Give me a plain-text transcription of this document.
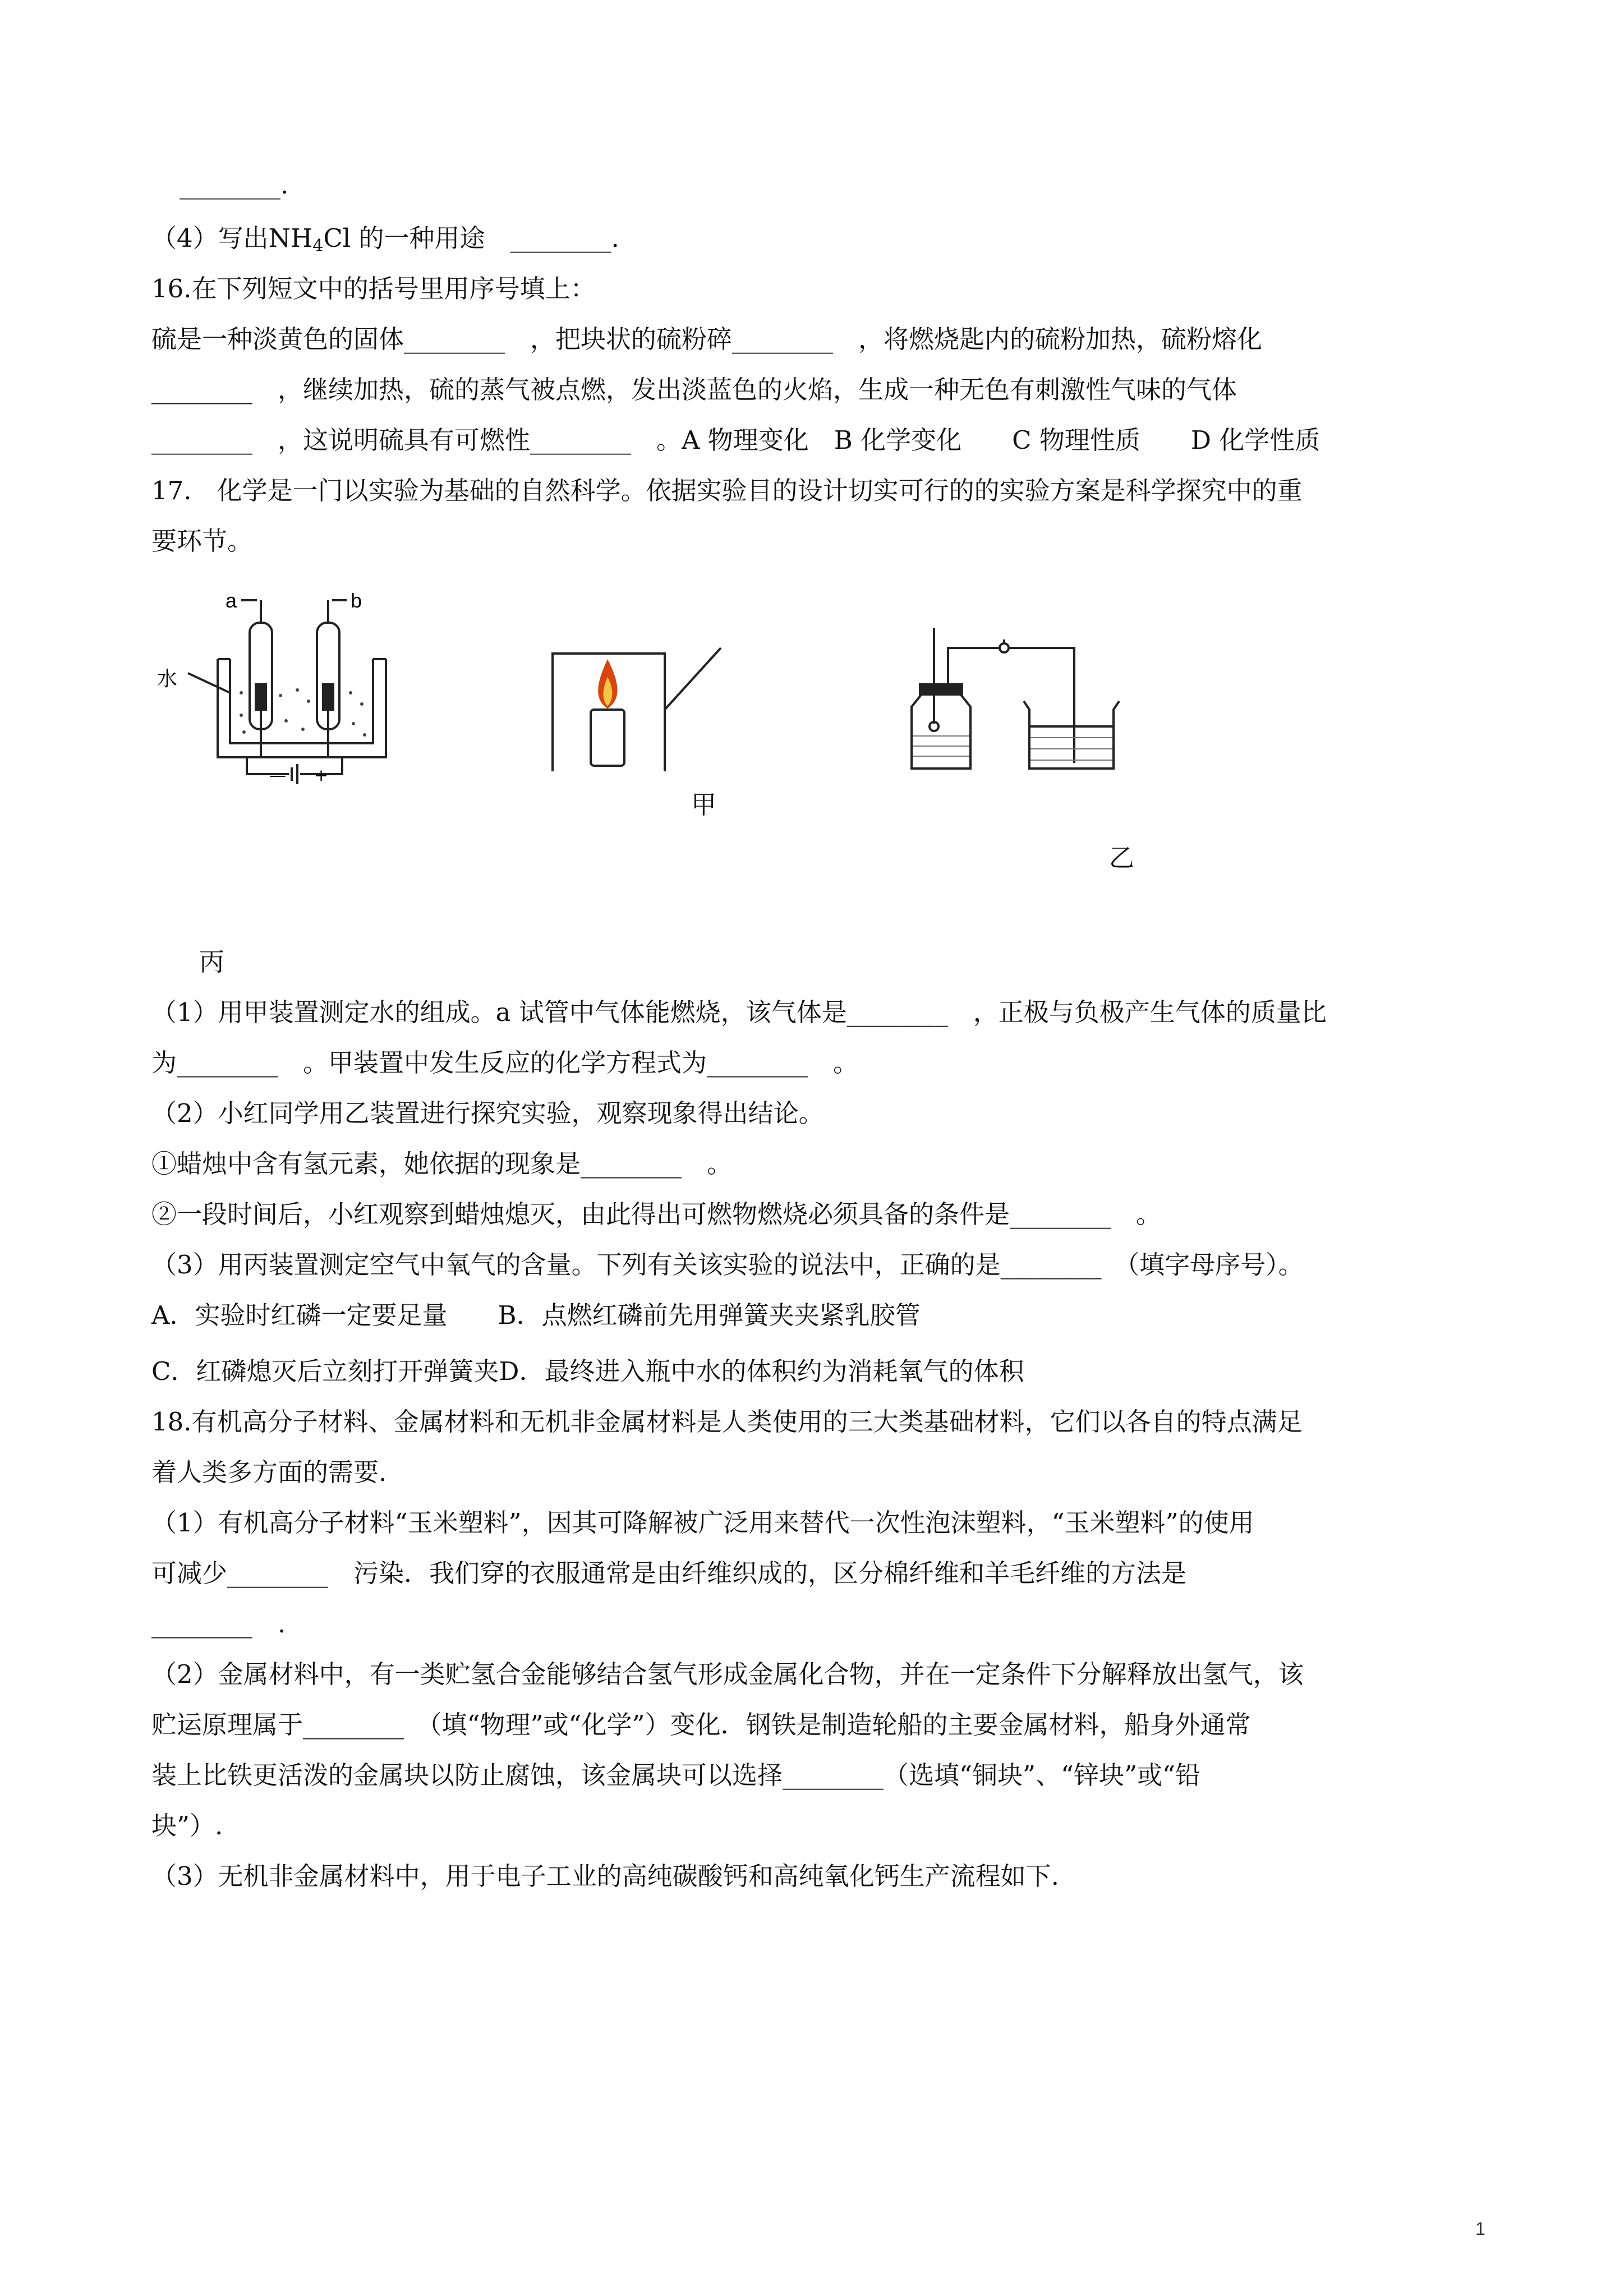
________.
（4）写出$NH_4Cl$ 的一种用途　________.
16.在下列短文中的括号里用序号填上：
硫是一种淡黄色的固体________　，把块状的硫粉碎________　，将燃烧匙内的硫粉加热，硫粉熔化
________　，继续加热，硫的蒸气被点燃，发出淡蓝色的火焰，生成一种无色有刺激性气味的气体
________　，这说明硫具有可燃性________　。A 物理变化　B 化学变化　　C 物理性质　　D 化学性质
17.　化学是一门以实验为基础的自然科学。依据实验目的设计切实可行的的实验方案是科学探究中的重
要环节。
a	b
水
— +
甲
乙
丙
（1）用甲装置测定水的组成。a 试管中气体能燃烧，该气体是________　，正极与负极产生气体的质量比
为________　。甲装置中发生反应的化学方程式为________　。
（2）小红同学用乙装置进行探究实验，观察现象得出结论。
①蜡烛中含有氢元素，她依据的现象是________　。
②一段时间后，小红观察到蜡烛熄灭，由此得出可燃物燃烧必须具备的条件是________　。
（3）用丙装置测定空气中氧气的含量。下列有关该实验的说法中，正确的是________　（填字母序号）。
A．实验时红磷一定要足量　　B．点燃红磷前先用弹簧夹夹紧乳胶管
C．红磷熄灭后立刻打开弹簧夹D．最终进入瓶中水的体积约为消耗氧气的体积
18.有机高分子材料、金属材料和无机非金属材料是人类使用的三大类基础材料，它们以各自的特点满足
着人类多方面的需要.
（1）有机高分子材料“玉米塑料”，因其可降解被广泛用来替代一次性泡沫塑料，“玉米塑料”的使用
可减少________　污染．我们穿的衣服通常是由纤维织成的，区分棉纤维和羊毛纤维的方法是
________　.
（2）金属材料中，有一类贮氢合金能够结合氢气形成金属化合物，并在一定条件下分解释放出氢气，该
贮运原理属于________　（填“物理”或“化学”）变化．钢铁是制造轮船的主要金属材料，船身外通常
装上比铁更活泼的金属块以防止腐蚀，该金属块可以选择________（选填“铜块”、“锌块”或“铅
块”）.
（3）无机非金属材料中，用于电子工业的高纯碳酸钙和高纯氧化钙生产流程如下.
1
